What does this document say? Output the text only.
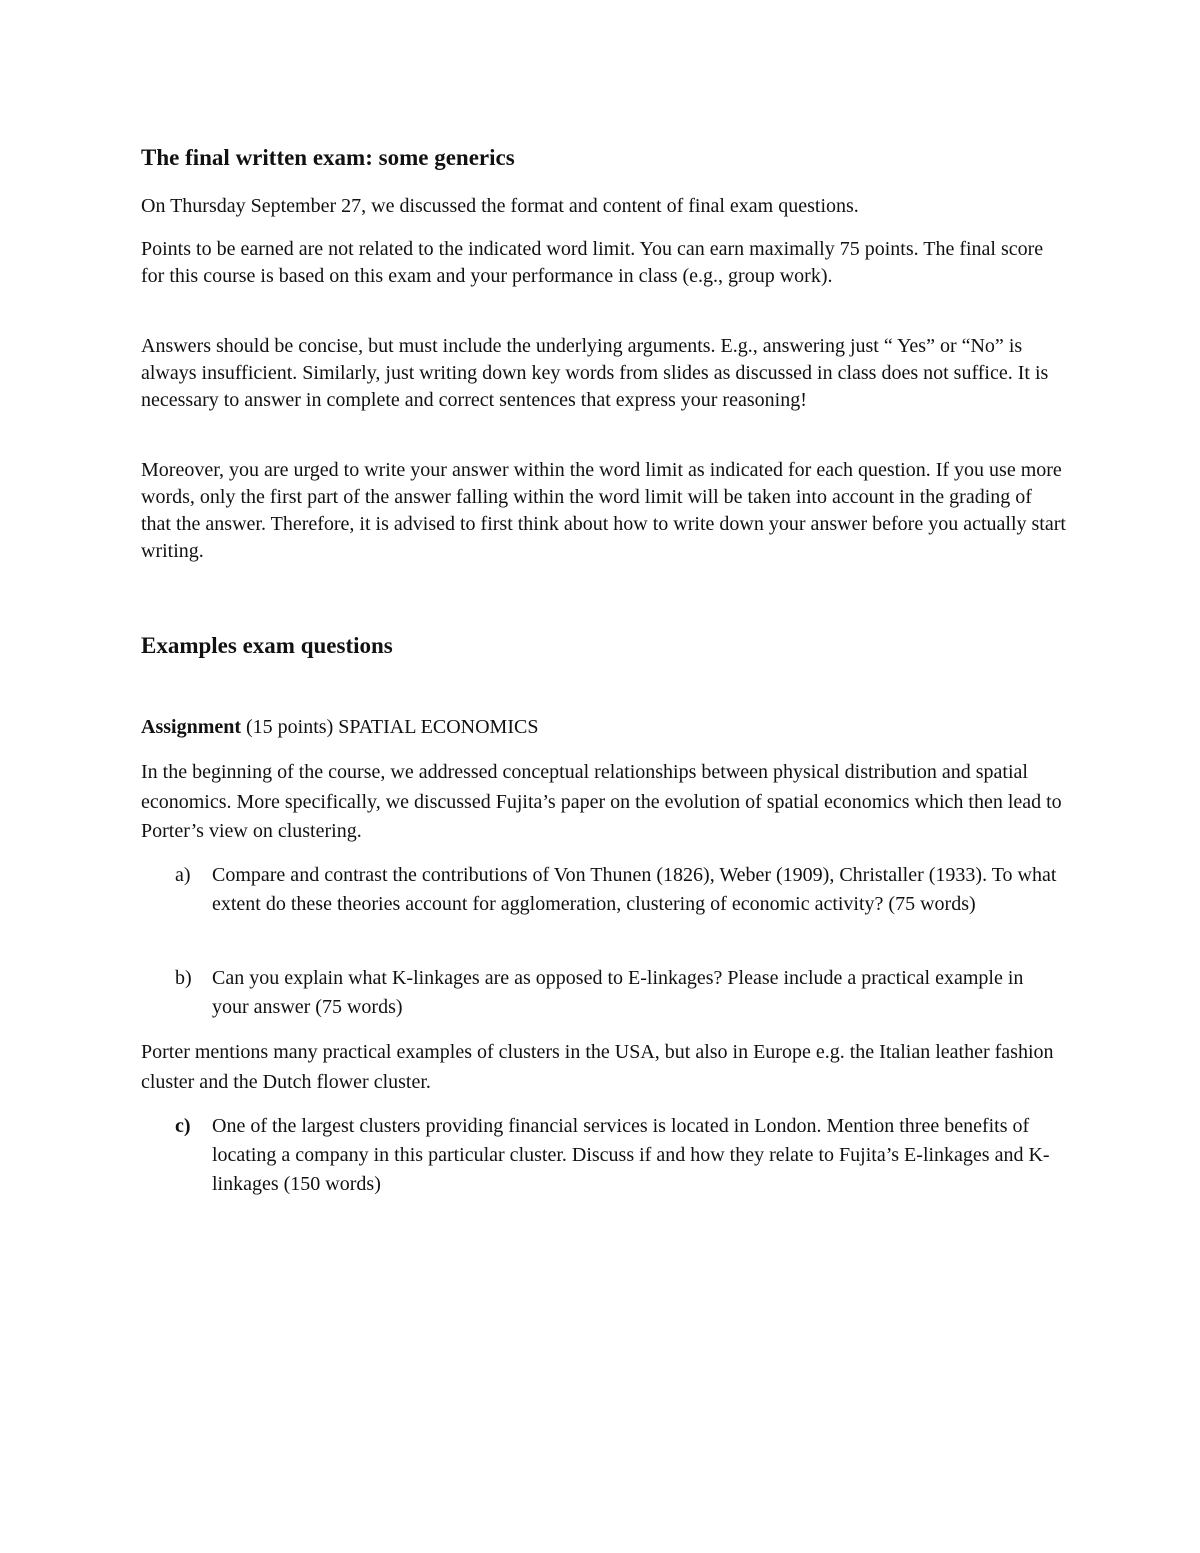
The final written exam: some generics

On Thursday September 27, we discussed the format and content of final exam questions.

Points to be earned are not related to the indicated word limit. You can earn maximally 75 points. The final score for this course is based on this exam and your performance in class (e.g., group work).

Answers should be concise, but must include the underlying arguments. E.g., answering just “ Yes” or “No” is always insufficient. Similarly, just writing down key words from slides as discussed in class does not suffice. It is necessary to answer in complete and correct sentences that express your reasoning!

Moreover, you are urged to write your answer within the word limit as indicated for each question. If you use more words, only the first part of the answer falling within the word limit will be taken into account in the grading of that the answer. Therefore, it is advised to first think about how to write down your answer before you actually start writing.

Examples exam questions

Assignment (15 points) SPATIAL ECONOMICS

In the beginning of the course, we addressed conceptual relationships between physical distribution and spatial economics. More specifically, we discussed Fujita’s paper on the evolution of spatial economics which then lead to Porter’s view on clustering.

a) Compare and contrast the contributions of Von Thunen (1826), Weber (1909), Christaller (1933). To what extent do these theories account for agglomeration, clustering of economic activity? (75 words)
b) Can you explain what K-linkages are as opposed to E-linkages? Please include a practical example in your answer (75 words)

Porter mentions many practical examples of clusters in the USA, but also in Europe e.g. the Italian leather fashion cluster and the Dutch flower cluster.

c) One of the largest clusters providing financial services is located in London. Mention three benefits of locating a company in this particular cluster. Discuss if and how they relate to Fujita’s E-linkages and K-linkages (150 words)
